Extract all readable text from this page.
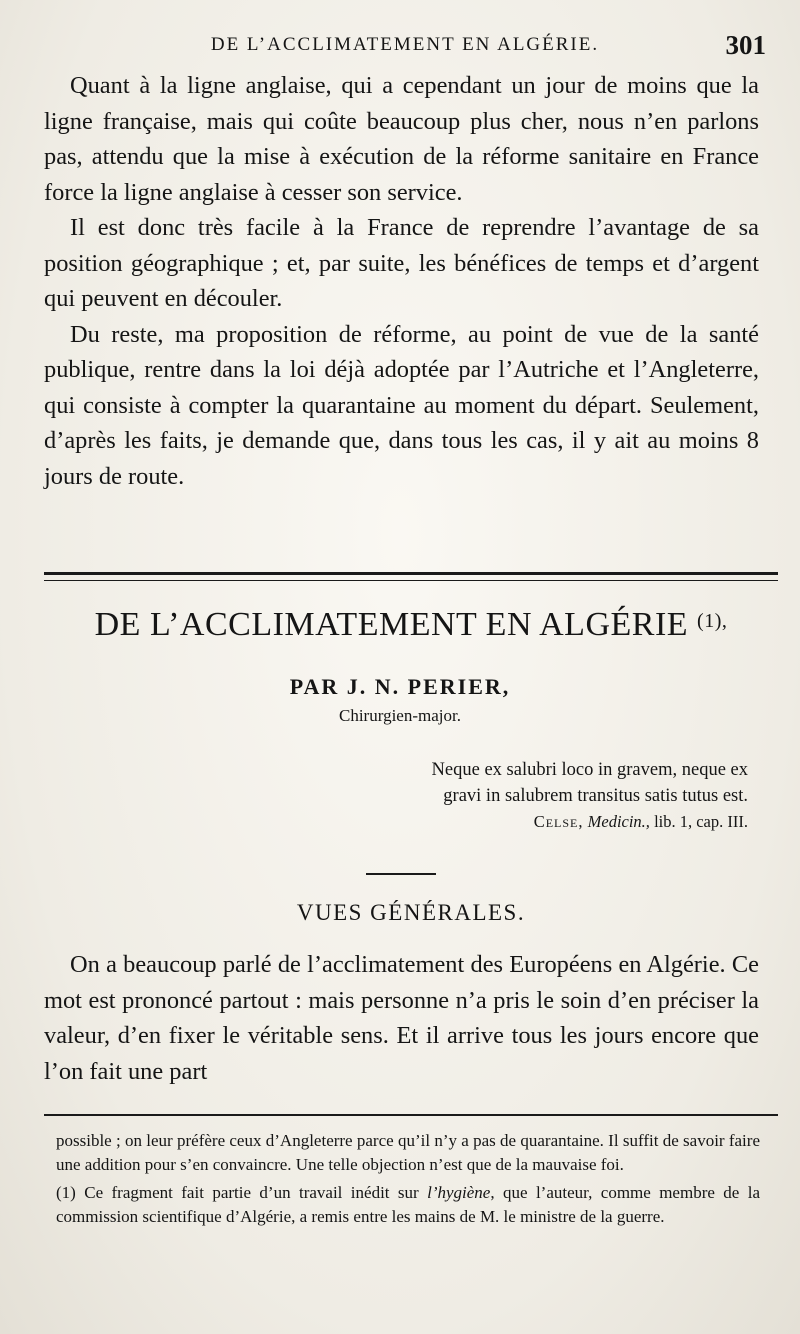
DE L’ACCLIMATEMENT EN ALGÉRIE.	301

Quant à la ligne anglaise, qui a cependant un jour de moins que la ligne française, mais qui coûte beaucoup plus cher, nous n’en parlons pas, attendu que la mise à exécution de la réforme sanitaire en France force la ligne anglaise à cesser son service.

Il est donc très facile à la France de reprendre l’avantage de sa position géographique ; et, par suite, les bénéfices de temps et d’argent qui peuvent en découler.

Du reste, ma proposition de réforme, au point de vue de la santé publique, rentre dans la loi déjà adoptée par l’Autriche et l’Angleterre, qui consiste à compter la quarantaine au moment du départ. Seulement, d’après les faits, je demande que, dans tous les cas, il y ait au moins 8 jours de route.

DE L’ACCLIMATEMENT EN ALGÉRIE $^{(1),}$
PAR J. N. PERIER,
Chirurgien-major.
Neque ex salubri loco in gravem, neque ex
gravi in salubrem transitus satis tutus est.
Celse, Medicin., lib. 1, cap. III.
VUES GÉNÉRALES.

On a beaucoup parlé de l’acclimatement des Européens en Algérie. Ce mot est prononcé partout : mais personne n’a pris le soin d’en préciser la valeur, d’en fixer le véritable sens. Et il arrive tous les jours encore que l’on fait une part

possible ; on leur préfère ceux d’Angleterre parce qu’il n’y a pas de quarantaine. Il suffit de savoir faire une addition pour s’en convaincre. Une telle objection n’est que de la mauvaise foi.

(1) Ce fragment fait partie d’un travail inédit sur l’hygiène, que l’auteur, comme membre de la commission scientifique d’Algérie, a remis entre les mains de M. le ministre de la guerre.
